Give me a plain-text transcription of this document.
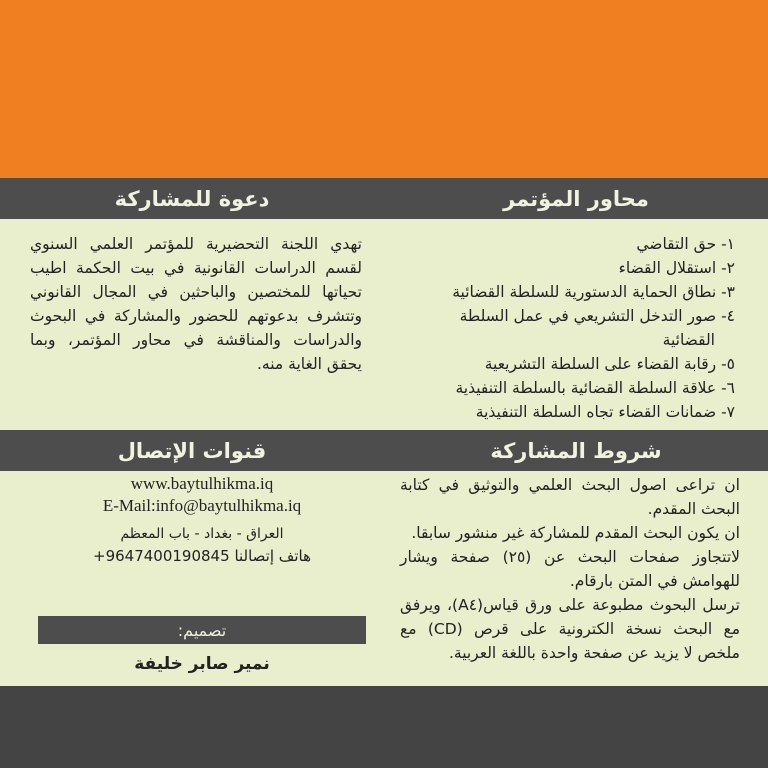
دعوة للمشاركة	محاور المؤتمر
تهدي اللجنة التحضيرية للمؤتمر العلمي السنوي لقسم الدراسات القانونية في بيت الحكمة اطيب تحياتها للمختصين والباحثين في المجال القانوني وتتشرف بدعوتهم للحضور والمشاركة في البحوث والدراسات والمناقشة في محاور المؤتمر، وبما يحقق الغاية منه.
١- حق التقاضي
٢- استقلال القضاء
٣- نطاق الحماية الدستورية للسلطة القضائية
٤- صور التدخل التشريعي في عمل السلطة
القضائية
٥- رقابة القضاء على السلطة التشريعية
٦- علاقة السلطة القضائية بالسلطة التنفيذية
٧- ضمانات القضاء تجاه السلطة التنفيذية
قنوات الإتصال	شروط المشاركة
www.baytulhikma.iq
E-Mail:info@baytulhikma.iq
العراق - بغداد - باب المعظم
+9647400190845 هاتف إتصالنا
تصميم:
نمير صابر خليفة

ان تراعى اصول البحث العلمي والتوثيق في كتابة البحث المقدم.

ان يكون البحث المقدم للمشاركة غير منشور سابقا.

لاتتجاوز صفحات البحث عن (٢٥) صفحة ويشار للهوامش في المتن بارقام.

ترسل البحوث مطبوعة على ورق قياس(A٤)، ويرفق مع البحث نسخة الكترونية على قرص (CD) مع ملخص لا يزيد عن صفحة واحدة باللغة العربية.
